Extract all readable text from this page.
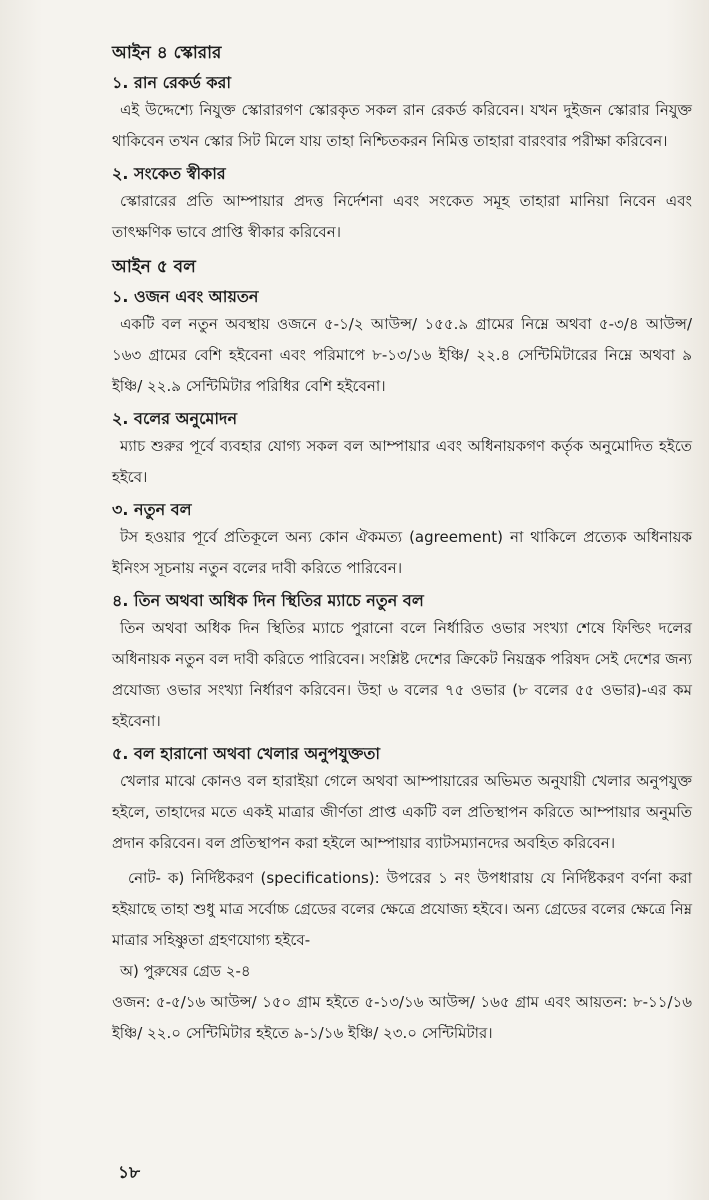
আইন ৪ স্কোরার

১. রান রেকর্ড করা

এই উদ্দেশ্যে নিযুক্ত স্কোরারগণ স্কোরকৃত সকল রান রেকর্ড করিবেন। যখন দুইজন স্কোরার নিযুক্ত থাকিবেন তখন স্কোর সিট মিলে যায় তাহা নিশ্চিতকরন নিমিত্ত তাহারা বারংবার পরীক্ষা করিবেন।

২. সংকেত স্বীকার

স্কোরারের প্রতি আম্পায়ার প্রদত্ত নির্দেশনা এবং সংকেত সমূহ তাহারা মানিয়া নিবেন এবং তাৎক্ষণিক ভাবে প্রাপ্তি স্বীকার করিবেন।

আইন ৫ বল

১. ওজন এবং আয়তন

একটি বল নতুন অবস্থায় ওজনে ৫-১/২ আউন্স/ ১৫৫.৯ গ্রামের নিম্নে অথবা ৫-৩/৪ আউন্স/ ১৬৩ গ্রামের বেশি হইবেনা এবং পরিমাপে ৮-১৩/১৬ ইঞ্চি/ ২২.৪ সেন্টিমিটারের নিম্নে অথবা ৯ ইঞ্চি/ ২২.৯ সেন্টিমিটার পরিধির বেশি হইবেনা।

২. বলের অনুমোদন

ম্যাচ শুরুর পূর্বে ব্যবহার যোগ্য সকল বল আম্পায়ার এবং অধিনায়কগণ কর্তৃক অনুমোদিত হইতে হইবে।

৩. নতুন বল

টস হওয়ার পূর্বে প্রতিকূলে অন্য কোন ঐকমত্য (agreement) না থাকিলে প্রত্যেক অধিনায়ক ইনিংস সূচনায় নতুন বলের দাবী করিতে পারিবেন।

৪. তিন অথবা অধিক দিন স্থিতির ম্যাচে নতুন বল

তিন অথবা অধিক দিন স্থিতির ম্যাচে পুরানো বলে নির্ধারিত ওভার সংখ্যা শেষে ফিল্ডিং দলের অধিনায়ক নতুন বল দাবী করিতে পারিবেন। সংশ্লিষ্ট দেশের ক্রিকেট নিয়ন্ত্রক পরিষদ সেই দেশের জন্য প্রযোজ্য ওভার সংখ্যা নির্ধারণ করিবেন। উহা ৬ বলের ৭৫ ওভার (৮ বলের ৫৫ ওভার)-এর কম হইবেনা।

৫. বল হারানো অথবা খেলার অনুপযুক্ততা

খেলার মাঝে কোনও বল হারাইয়া গেলে অথবা আম্পায়ারের অভিমত অনুযায়ী খেলার অনুপযুক্ত হইলে, তাহাদের মতে একই মাত্রার জীর্ণতা প্রাপ্ত একটি বল প্রতিস্থাপন করিতে আম্পায়ার অনুমতি প্রদান করিবেন। বল প্রতিস্থাপন করা হইলে আম্পায়ার ব্যাটসম্যানদের অবহিত করিবেন।

নোট- ক) নির্দিষ্টকরণ (specifications): উপরের ১ নং উপধারায় যে নির্দিষ্টকরণ বর্ণনা করা হইয়াছে তাহা শুধু মাত্র সর্বোচ্চ গ্রেডের বলের ক্ষেত্রে প্রযোজ্য হইবে। অন্য গ্রেডের বলের ক্ষেত্রে নিম্ন মাত্রার সহিষ্ণুতা গ্রহণযোগ্য হইবে-

অ) পুরুষের গ্রেড ২-৪

ওজন: ৫-৫/১৬ আউন্স/ ১৫০ গ্রাম হইতে ৫-১৩/১৬ আউন্স/ ১৬৫ গ্রাম এবং আয়তন: ৮-১১/১৬ ইঞ্চি/ ২২.০ সেন্টিমিটার হইতে ৯-১/১৬ ইঞ্চি/ ২৩.০ সেন্টিমিটার।

১৮
